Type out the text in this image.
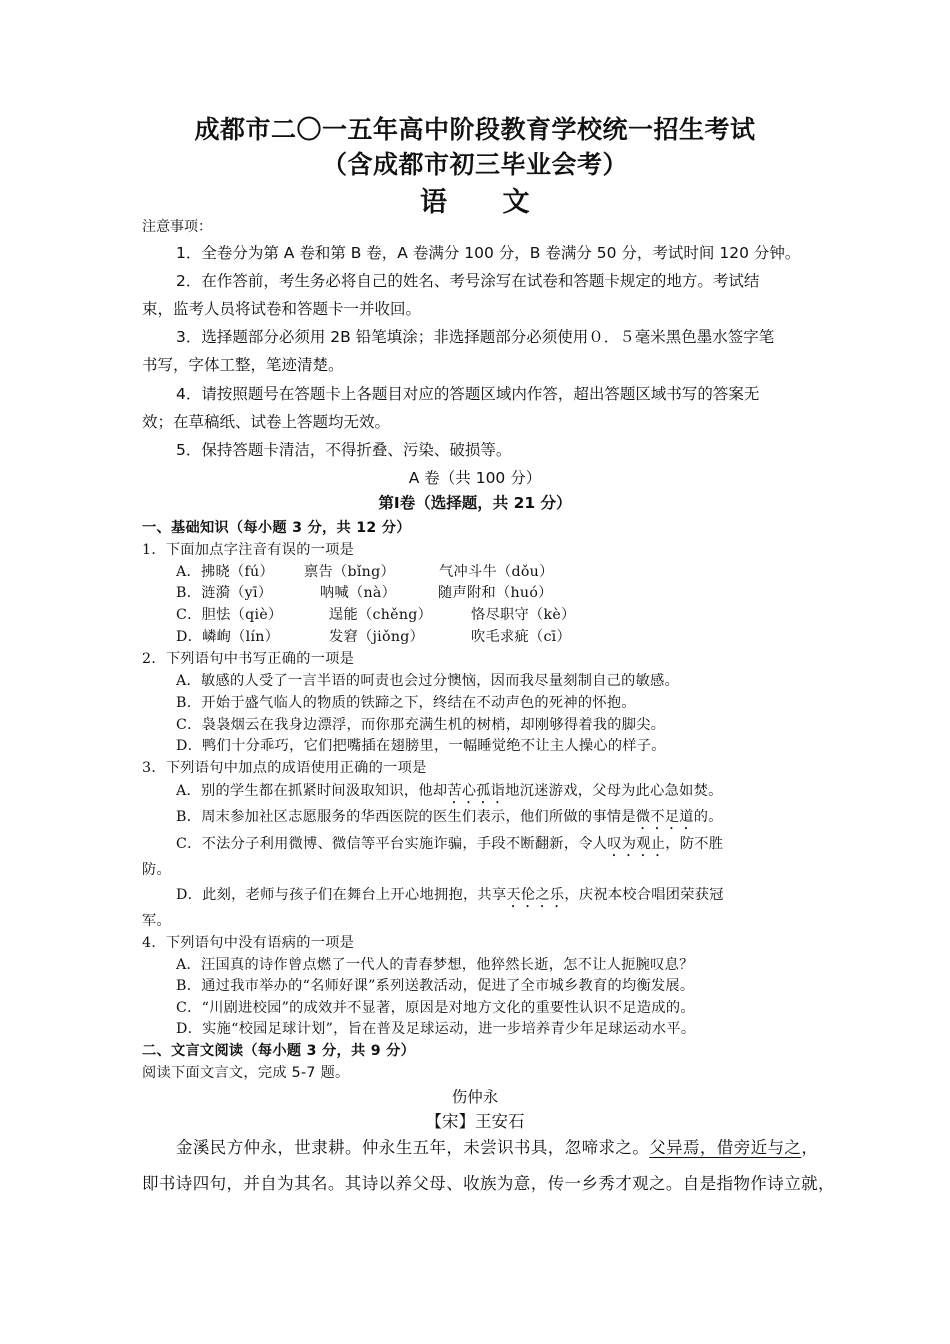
成都市二〇一五年高中阶段教育学校统一招生考试
（含成都市初三毕业会考）
语　　文
注意事项：
1．全卷分为第 A 卷和第 B 卷，A 卷满分 100 分，B 卷满分 50 分，考试时间 120 分钟。
2．在作答前，考生务必将自己的姓名、考号涂写在试卷和答题卡规定的地方。考试结
束，监考人员将试卷和答题卡一并收回。
3．选择题部分必须用 2B 铅笔填涂；非选择题部分必须使用０．５毫米黑色墨水签字笔
书写，字体工整，笔迹清楚。
4．请按照题号在答题卡上各题目对应的答题区域内作答，超出答题区域书写的答案无
效；在草稿纸、试卷上答题均无效。
5．保持答题卡清洁，不得折叠、污染、破损等。
A 卷（共 100 分）
第Ⅰ卷（选择题，共 21 分）
一、基础知识（每小题 3 分，共 12 分）
1．下面加点字注音有误的一项是
A．拂晓（fú） 禀告（bǐng）	气冲斗牛（dǒu）
B．涟漪（yī）	呐喊（nà）	随声附和（huó）
C．胆怯（qiè）	逞能（chěng）	恪尽职守（kè）
D．嶙峋（lín）	发窘（jiǒng）	吹毛求疵（cī）
2．下列语句中书写正确的一项是
A．敏感的人受了一言半语的呵责也会过分懊恼，因而我尽量刻制自己的敏感。
B．开始于盛气临人的物质的铁蹄之下，终结在不动声色的死神的怀抱。
C．袅袅烟云在我身边漂浮，而你那充满生机的树梢，却刚够得着我的脚尖。
D．鸭们十分乖巧，它们把嘴插在翅膀里，一幅睡觉绝不让主人操心的样子。
3．下列语句中加点的成语使用正确的一项是
A．别的学生都在抓紧时间汲取知识，他却苦心孤诣地沉迷游戏，父母为此心急如焚。
B．周末参加社区志愿服务的华西医院的医生们表示，他们所做的事情是微不足道的。
C．不法分子利用微博、微信等平台实施诈骗，手段不断翻新，令人叹为观止，防不胜
防。
D．此刻，老师与孩子们在舞台上开心地拥抱，共享天伦之乐，庆祝本校合唱团荣获冠
军。
4．下列语句中没有语病的一项是
A．汪国真的诗作曾点燃了一代人的青春梦想，他猝然长逝，怎不让人扼腕叹息？
B．通过我市举办的“名师好课”系列送教活动，促进了全市城乡教育的均衡发展。
C．“川剧进校园”的成效并不显著，原因是对地方文化的重要性认识不足造成的。
D．实施“校园足球计划”，旨在普及足球运动，进一步培养青少年足球运动水平。
二、文言文阅读（每小题 3 分，共 9 分）
阅读下面文言文，完成 5-7 题。
伤仲永
【宋】王安石
金溪民方仲永，世隶耕。仲永生五年，未尝识书具，忽啼求之。父异焉，借旁近与之，
即书诗四句，并自为其名。其诗以养父母、收族为意，传一乡秀才观之。自是指物作诗立就，
